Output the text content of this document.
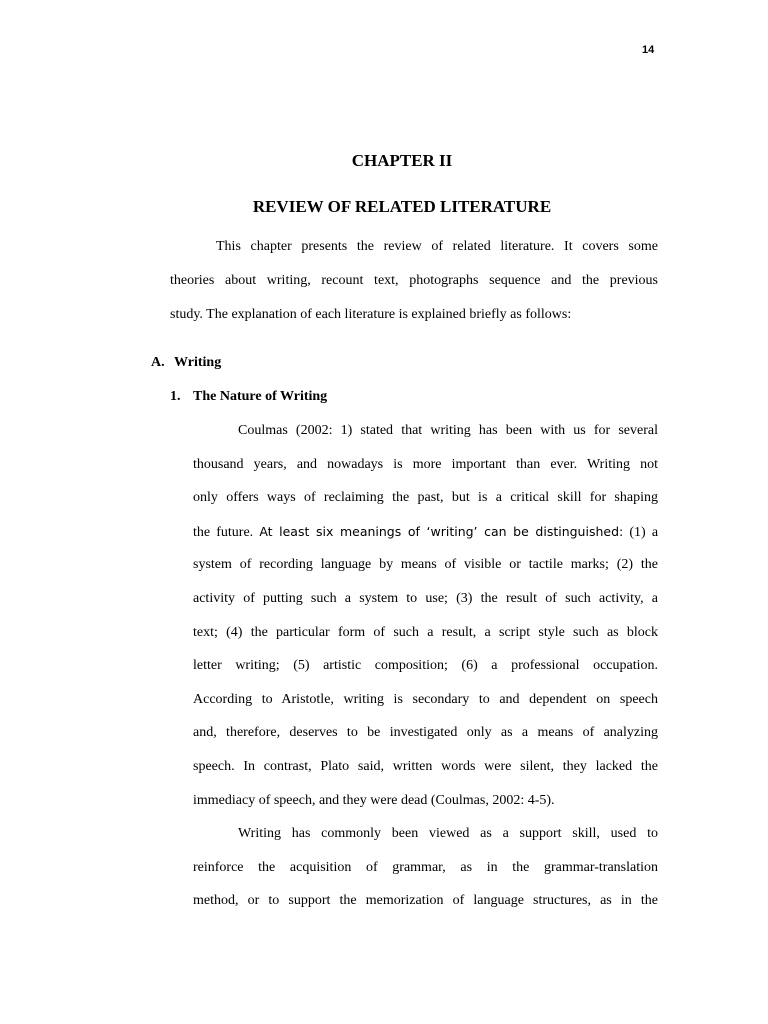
14
CHAPTER II
REVIEW OF RELATED LITERATURE
This chapter presents the review of related literature. It covers some
theories about writing, recount text, photographs sequence and the previous
study. The explanation of each literature is explained briefly as follows:
A. Writing
1. The Nature of Writing
Coulmas (2002: 1) stated that writing has been with us for several
thousand years, and nowadays is more important than ever. Writing not
only offers ways of reclaiming the past, but is a critical skill for shaping
the future. At least six meanings of ‘writing’ can be distinguished: (1) a
system of recording language by means of visible or tactile marks; (2) the
activity of putting such a system to use; (3) the result of such activity, a
text; (4) the particular form of such a result, a script style such as block
letter writing; (5) artistic composition; (6) a professional occupation.
According to Aristotle, writing is secondary to and dependent on speech
and, therefore, deserves to be investigated only as a means of analyzing
speech. In contrast, Plato said, written words were silent, they lacked the
immediacy of speech, and they were dead (Coulmas, 2002: 4-5).
Writing has commonly been viewed as a support skill, used to
reinforce the acquisition of grammar, as in the grammar-translation
method, or to support the memorization of language structures, as in the
